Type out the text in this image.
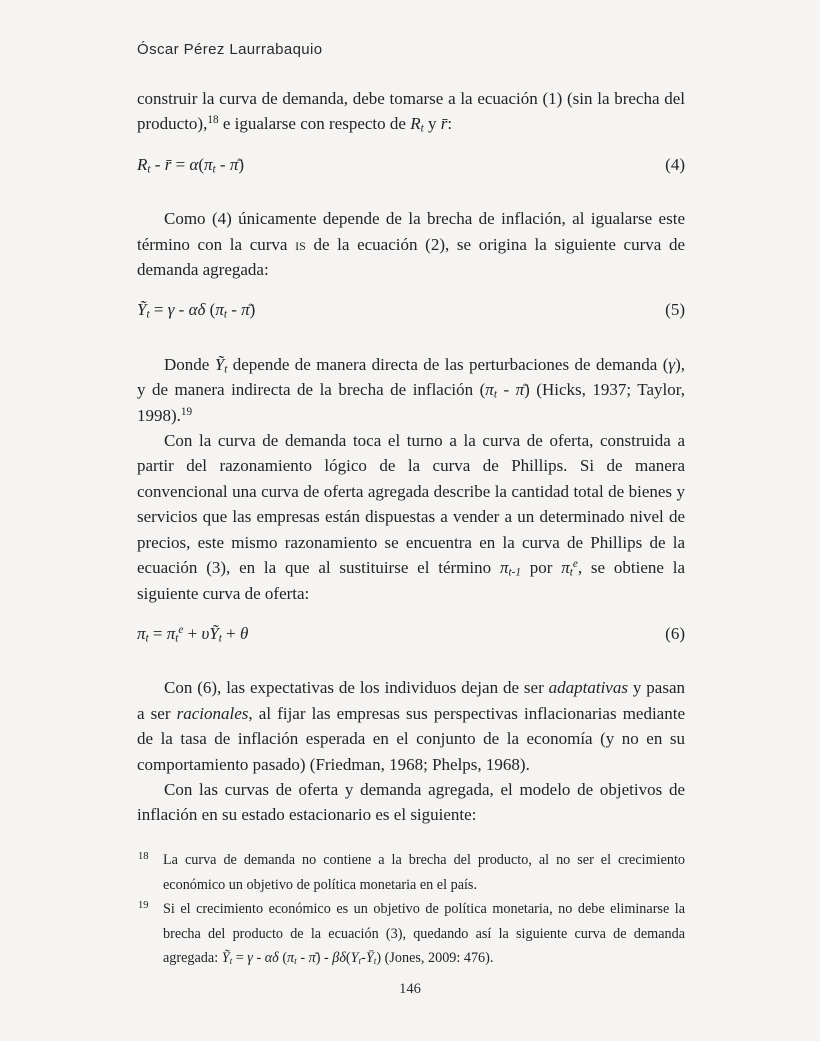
Óscar Pérez Laurrabaquio

construir la curva de demanda, debe tomarse a la ecuación (1) (sin la brecha del producto),$^{18}$ e igualarse con respecto de Rt y r̄:

Rt - r̄ = α(πt - π̄)	(4)

Como (4) únicamente depende de la brecha de inflación, al igualarse este término con la curva is de la ecuación (2), se origina la siguiente curva de demanda agregada:

Ỹt = γ - αδ (πt - π̄)	(5)

Donde Ỹt depende de manera directa de las perturbaciones de demanda (γ), y de manera indirecta de la brecha de inflación (πt - π̄) (Hicks, 1937; Taylor, 1998).$^{19}$

Con la curva de demanda toca el turno a la curva de oferta, construida a partir del razonamiento lógico de la curva de Phillips. Si de manera convencional una curva de oferta agregada describe la cantidad total de bienes y servicios que las empresas están dispuestas a vender a un determinado nivel de precios, este mismo razonamiento se encuentra en la curva de Phillips de la ecuación (3), en la que al sustituirse el término πt-1 por $\pi t^e$, se obtiene la siguiente curva de oferta:

$\pi t = \pi t^e$ + υỸt + θ	(6)

Con (6), las expectativas de los individuos dejan de ser adaptativas y pasan a ser racionales, al fijar las empresas sus perspectivas inflacionarias mediante de la tasa de inflación esperada en el conjunto de la economía (y no en su comportamiento pasado) (Friedman, 1968; Phelps, 1968).

Con las curvas de oferta y demanda agregada, el modelo de objetivos de inflación en su estado estacionario es el siguiente:

18 La curva de demanda no contiene a la brecha del producto, al no ser el crecimiento económico un objetivo de política monetaria en el país.
19 Si el crecimiento económico es un objetivo de política monetaria, no debe eliminarse la brecha del producto de la ecuación (3), quedando así la siguiente curva de demanda agregada: Ỹt = γ - αδ (πt - π̄) - βδ(Yt-Ȳt) (Jones, 2009: 476).
146
